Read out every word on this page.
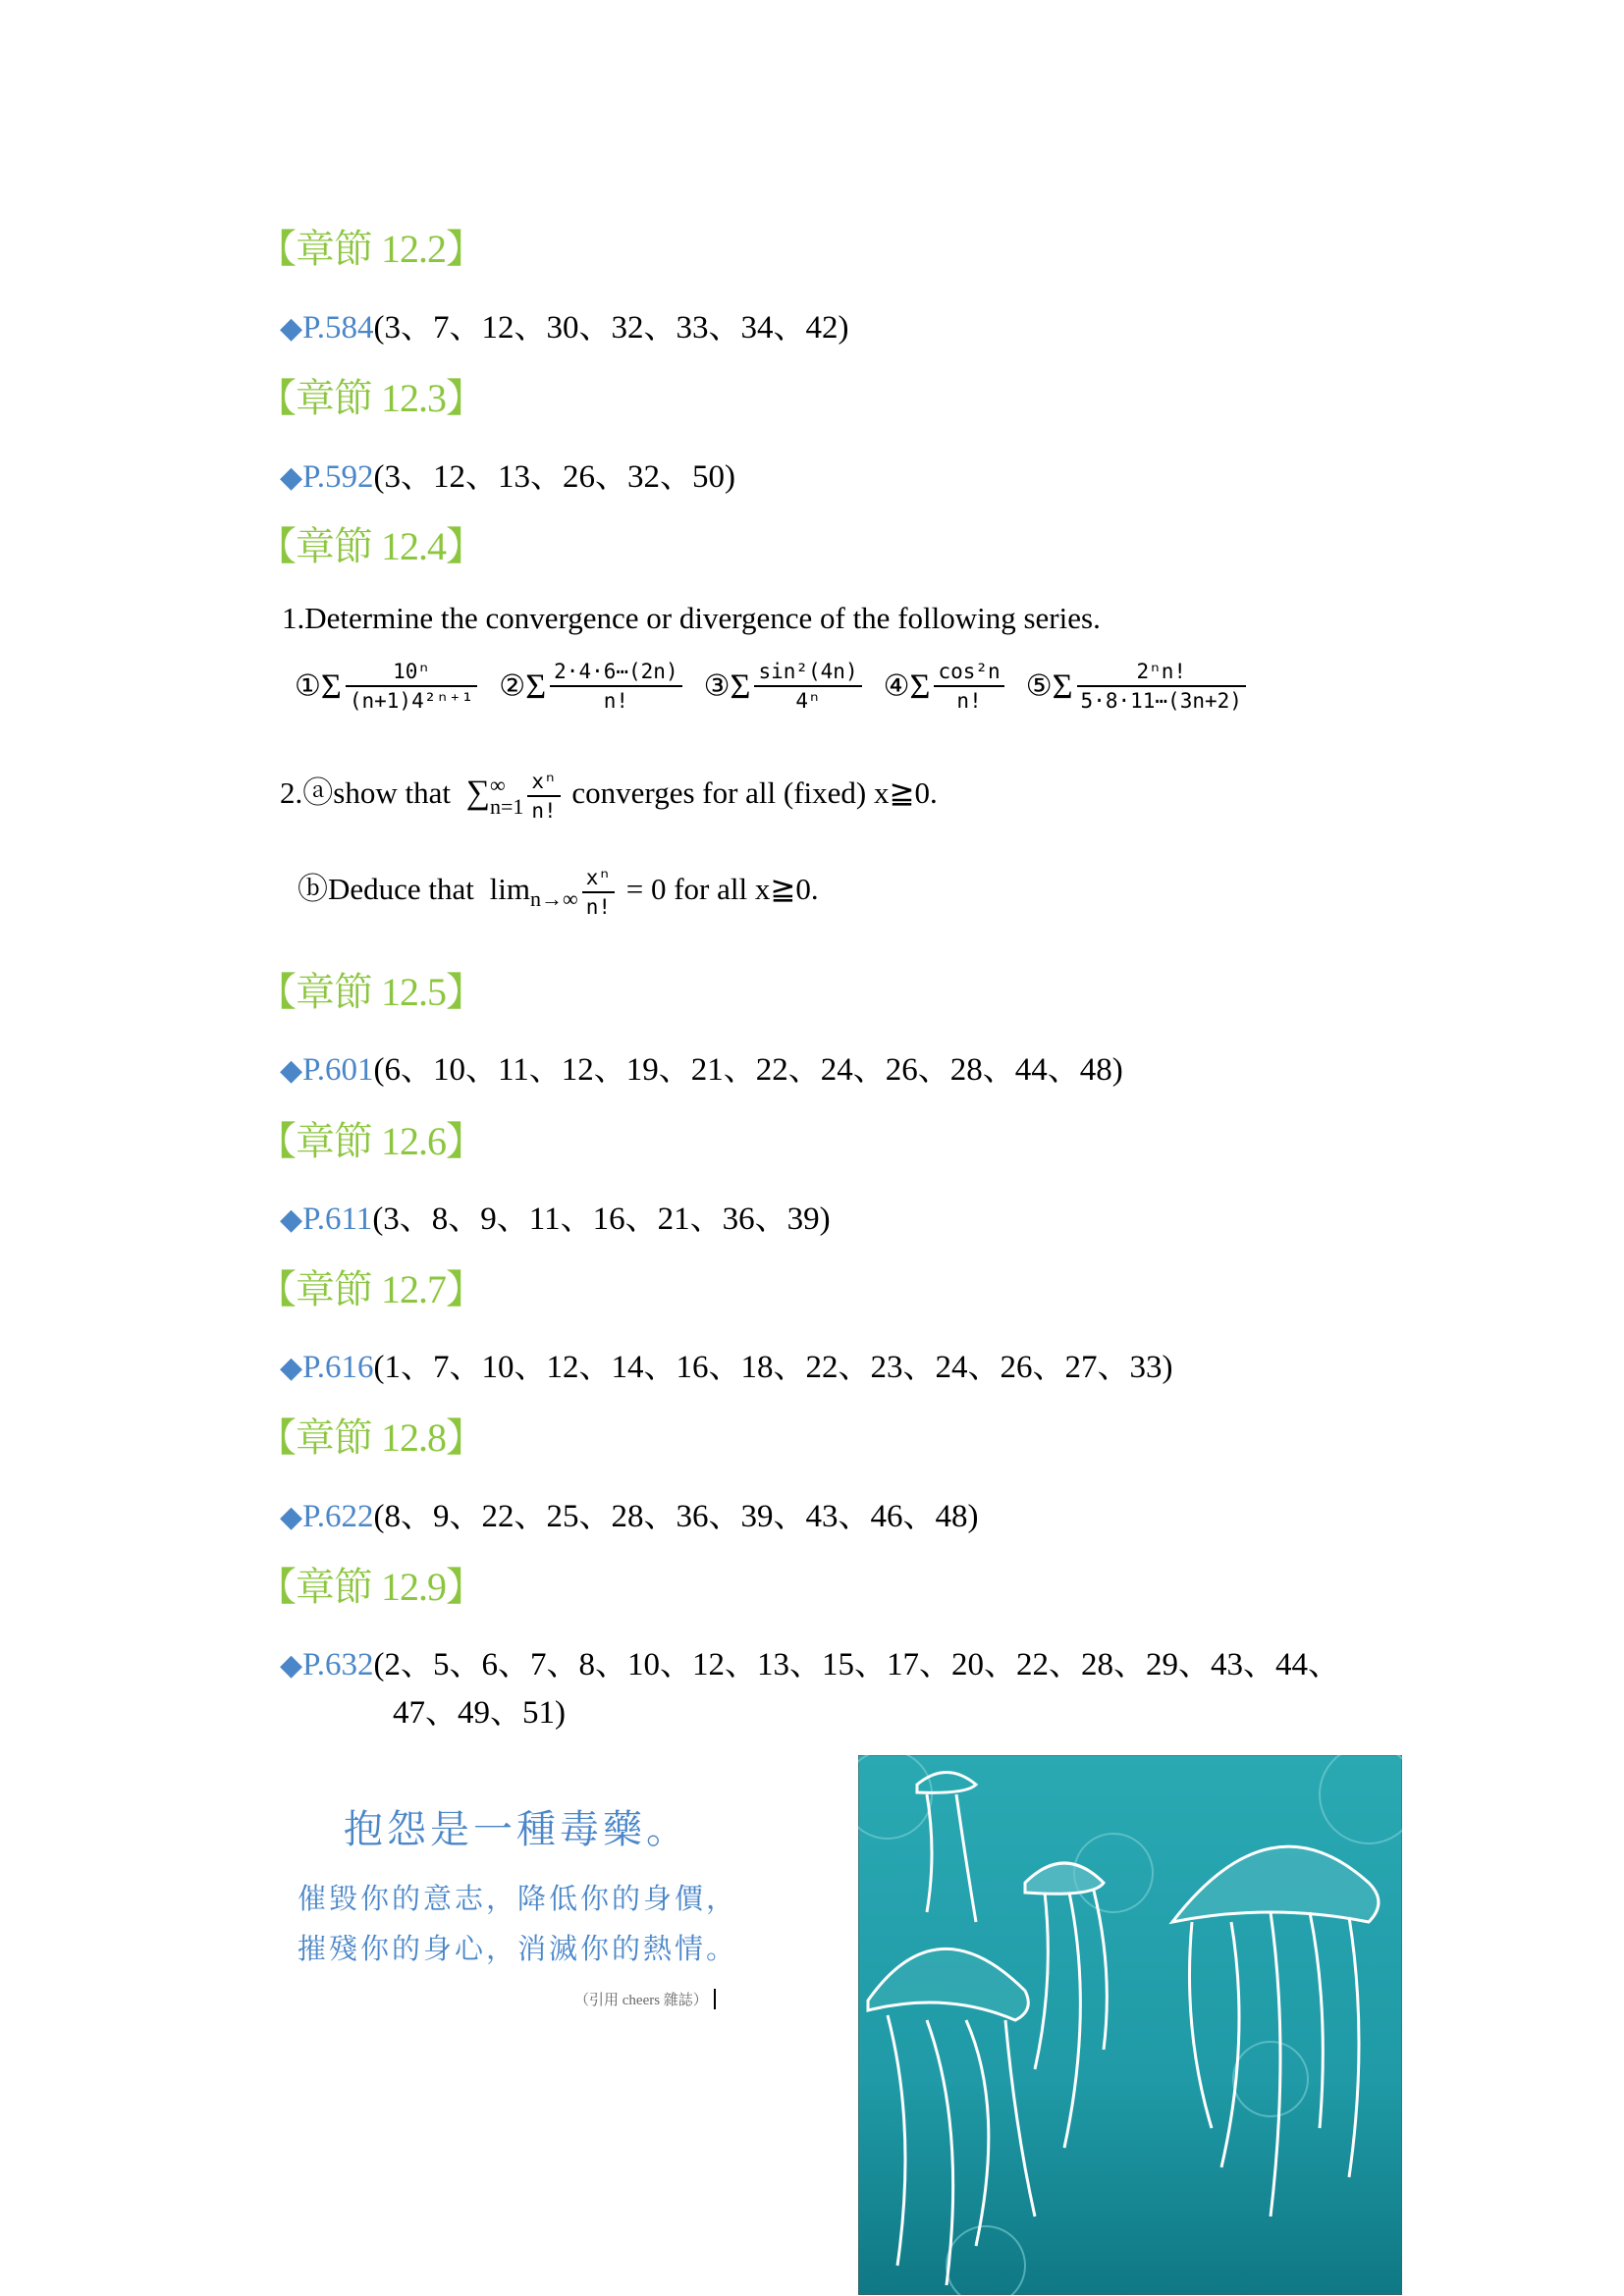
【章節 12.2】
◆P.584(3、7、12、30、32、33、34、42)
【章節 12.3】
◆P.592(3、12、13、26、32、50)
【章節 12.4】
1.Determine the convergence or divergence of the following series.
①Σ $\frac{\text{10ⁿ}}{\text{(n+1)4²ⁿ⁺¹}}$ ②Σ $\frac{2\cdot 4\cdot 6\cdots(2n)}{n!}$ ③Σ $\frac{\text{sin²(4n)}}{\text{4ⁿ}}$ ④Σ $\frac{\text{cos²n}}{n!}$ ⑤Σ $\frac{\text{2ⁿn!}}{5\cdot 8\cdot 11\cdots(3n+2)}$
2.ⓐshow that ∑ ∞
$n=1 \frac{\text{xⁿ}}{n!}$ converges for all (fixed) x≧0.
ⓑDeduce that $\lim_{n\to\infty} \frac{\text{xⁿ}}{n!} = 0$ for all x≧0.
【章節 12.5】
◆P.601(6、10、11、12、19、21、22、24、26、28、44、48)
【章節 12.6】
◆P.611(3、8、9、11、16、21、36、39)
【章節 12.7】
◆P.616(1、7、10、12、14、16、18、22、23、24、26、27、33)
【章節 12.8】
◆P.622(8、9、22、25、28、36、39、43、46、48)
【章節 12.9】
◆P.632(2、5、6、7、8、10、12、13、15、17、20、22、28、29、43、44、
47、49、51)
抱怨是一種毒藥。
催毀你的意志，降低你的身價，
摧殘你的身心，消滅你的熱情。
（引用 cheers 雜誌）
